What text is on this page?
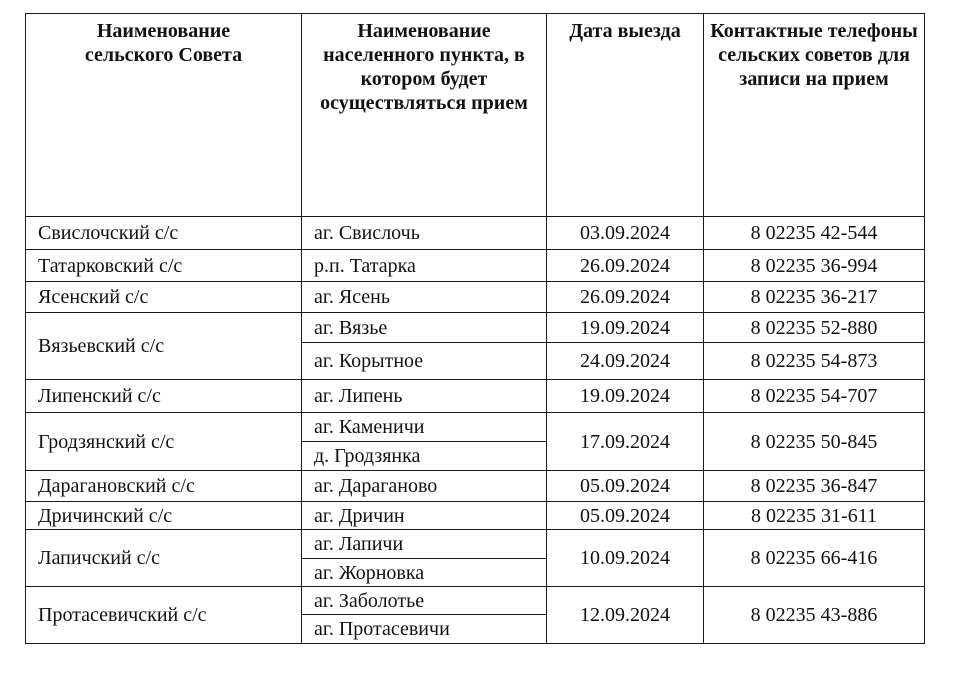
Наименование сельского Совета	Наименование населенного пункта, в котором будет осуществляться прием	Дата выезда	Контактные телефоны сельских советов для записи на прием
Свислочский с/с	аг. Свислочь	03.09.2024	8 02235 42-544
Татарковский с/с	р.п. Татарка	26.09.2024	8 02235 36-994
Ясенский с/с	аг. Ясень	26.09.2024	8 02235 36-217
Вязьевский с/с	аг. Вязье	19.09.2024	8 02235 52-880
	аг. Корытное	24.09.2024	8 02235 54-873
Липенский с/с	аг. Липень	19.09.2024	8 02235 54-707
Гродзянский с/с	аг. Каменичи	17.09.2024	8 02235 50-845
	д. Гродзянка		
Дарагановский с/с	аг. Дараганово	05.09.2024	8 02235 36-847
Дричинский с/с	аг. Дричин	05.09.2024	8 02235 31-611
Лапичский с/с	аг. Лапичи	10.09.2024	8 02235 66-416
	аг. Жорновка		
Протасевичский с/с	аг. Заболотье	12.09.2024	8 02235 43-886
	аг. Протасевичи		
